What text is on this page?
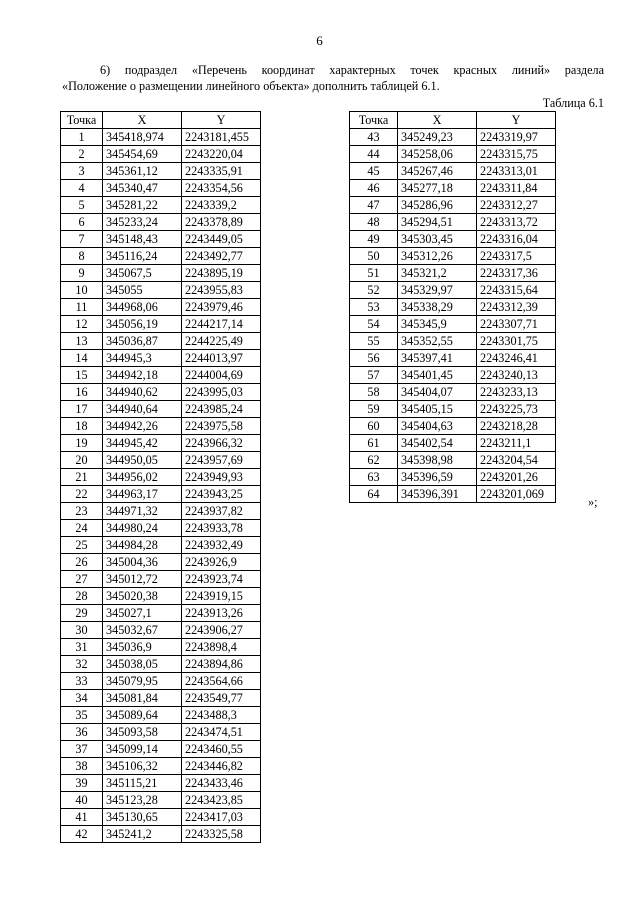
6
6) подраздел «Перечень координат характерных точек красных линий» раздела
«Положение о размещении линейного объекта» дополнить таблицей 6.1.
Таблица 6.1
Точка	X	Y
1	345418,974	2243181,455
2	345454,69	2243220,04
3	345361,12	2243335,91
4	345340,47	2243354,56
5	345281,22	2243339,2
6	345233,24	2243378,89
7	345148,43	2243449,05
8	345116,24	2243492,77
9	345067,5	2243895,19
10	345055	2243955,83
11	344968,06	2243979,46
12	345056,19	2244217,14
13	345036,87	2244225,49
14	344945,3	2244013,97
15	344942,18	2244004,69
16	344940,62	2243995,03
17	344940,64	2243985,24
18	344942,26	2243975,58
19	344945,42	2243966,32
20	344950,05	2243957,69
21	344956,02	2243949,93
22	344963,17	2243943,25
23	344971,32	2243937,82
24	344980,24	2243933,78
25	344984,28	2243932,49
26	345004,36	2243926,9
27	345012,72	2243923,74
28	345020,38	2243919,15
29	345027,1	2243913,26
30	345032,67	2243906,27
31	345036,9	2243898,4
32	345038,05	2243894,86
33	345079,95	2243564,66
34	345081,84	2243549,77
35	345089,64	2243488,3
36	345093,58	2243474,51
37	345099,14	2243460,55
38	345106,32	2243446,82
39	345115,21	2243433,46
40	345123,28	2243423,85
41	345130,65	2243417,03
42	345241,2	2243325,58
Точка	X	Y
43	345249,23	2243319,97
44	345258,06	2243315,75
45	345267,46	2243313,01
46	345277,18	2243311,84
47	345286,96	2243312,27
48	345294,51	2243313,72
49	345303,45	2243316,04
50	345312,26	2243317,5
51	345321,2	2243317,36
52	345329,97	2243315,64
53	345338,29	2243312,39
54	345345,9	2243307,71
55	345352,55	2243301,75
56	345397,41	2243246,41
57	345401,45	2243240,13
58	345404,07	2243233,13
59	345405,15	2243225,73
60	345404,63	2243218,28
61	345402,54	2243211,1
62	345398,98	2243204,54
63	345396,59	2243201,26
64	345396,391	2243201,069
»;
